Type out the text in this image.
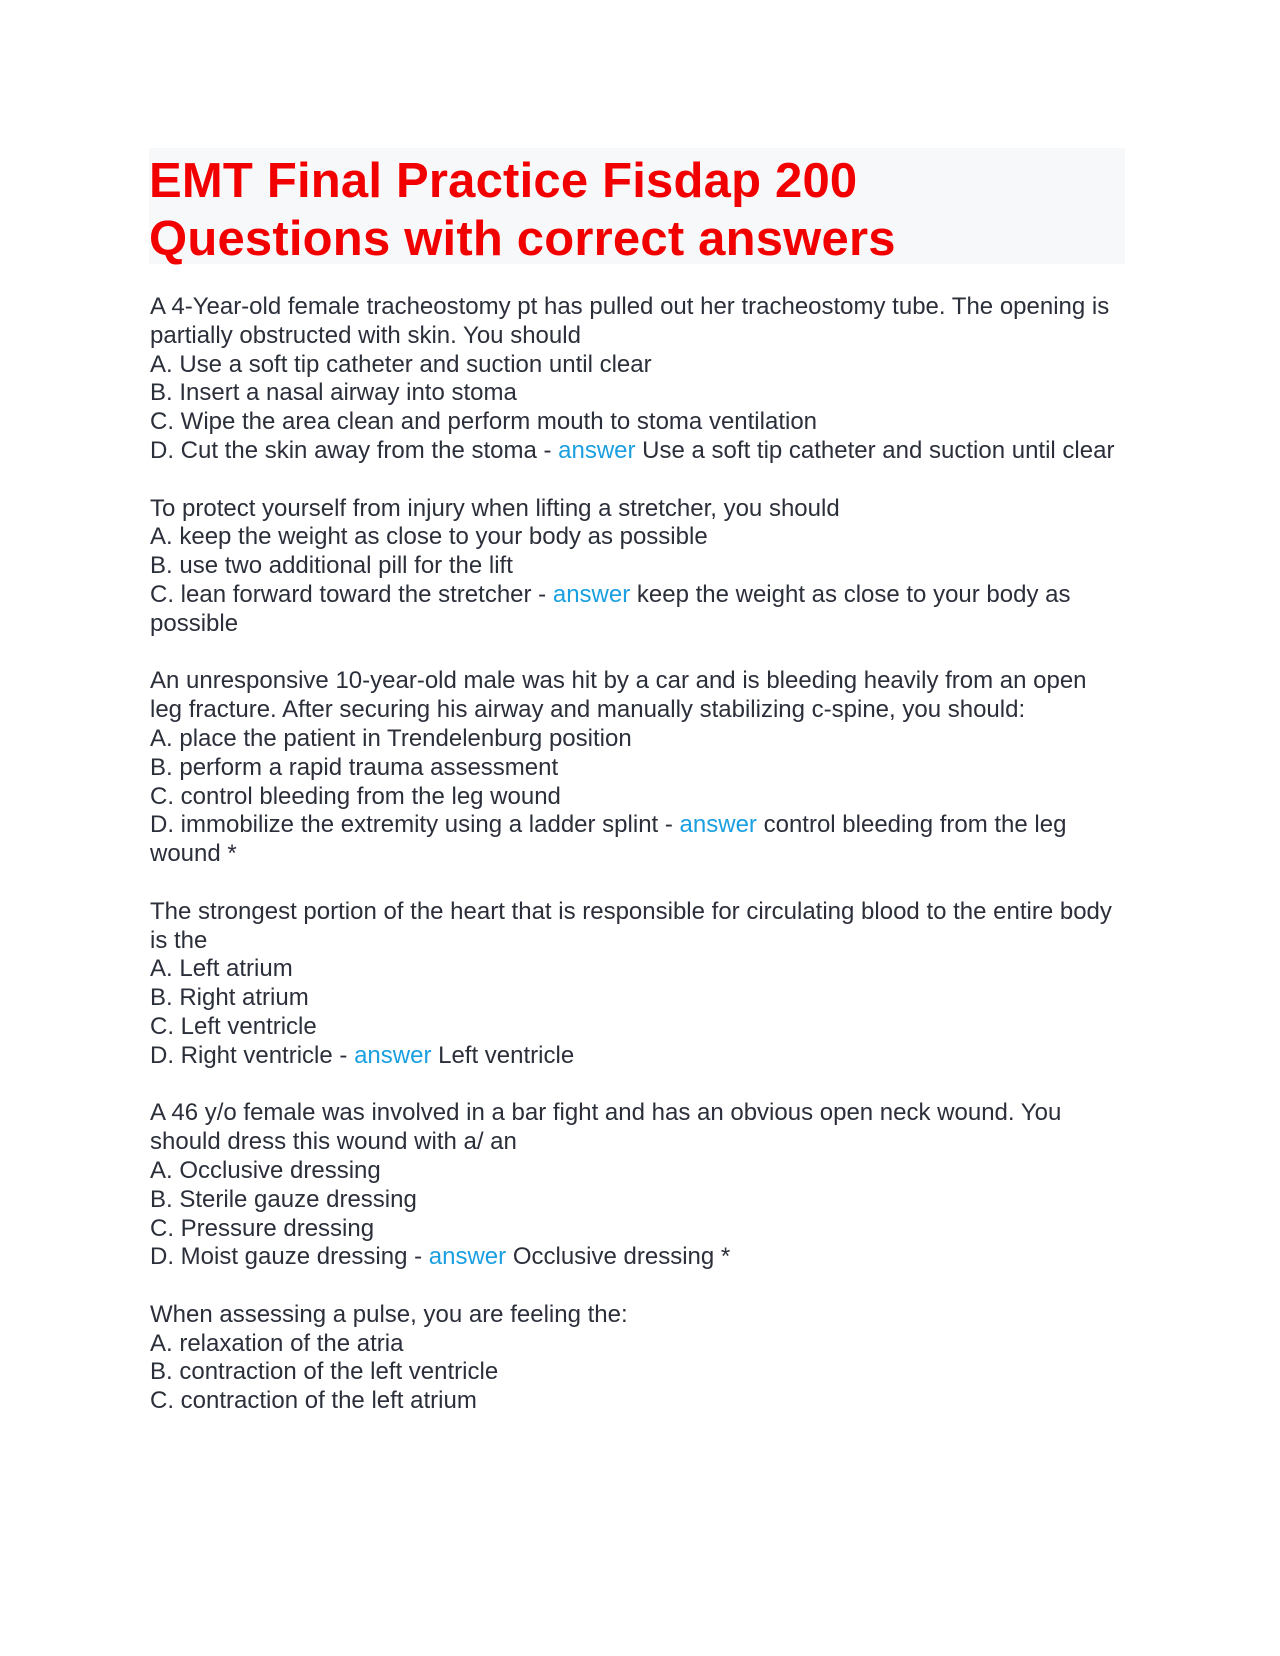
EMT Final Practice Fisdap 200
Questions with correct answers
A 4-Year-old female tracheostomy pt has pulled out her tracheostomy tube. The opening is partially obstructed with skin. You should
A. Use a soft tip catheter and suction until clear
B. Insert a nasal airway into stoma
C. Wipe the area clean and perform mouth to stoma ventilation
D. Cut the skin away from the stoma - answer Use a soft tip catheter and suction until clear
To protect yourself from injury when lifting a stretcher, you should
A. keep the weight as close to your body as possible
B. use two additional pill for the lift
C. lean forward toward the stretcher - answer keep the weight as close to your body as possible
An unresponsive 10-year-old male was hit by a car and is bleeding heavily from an open leg fracture. After securing his airway and manually stabilizing c-spine, you should:
A. place the patient in Trendelenburg position
B. perform a rapid trauma assessment
C. control bleeding from the leg wound
D. immobilize the extremity using a ladder splint - answer control bleeding from the leg wound *
The strongest portion of the heart that is responsible for circulating blood to the entire body is the
A. Left atrium
B. Right atrium
C. Left ventricle
D. Right ventricle - answer Left ventricle
A 46 y/o female was involved in a bar fight and has an obvious open neck wound. You should dress this wound with a/ an
A. Occlusive dressing
B. Sterile gauze dressing
C. Pressure dressing
D. Moist gauze dressing - answer Occlusive dressing *
When assessing a pulse, you are feeling the:
A. relaxation of the atria
B. contraction of the left ventricle
C. contraction of the left atrium
